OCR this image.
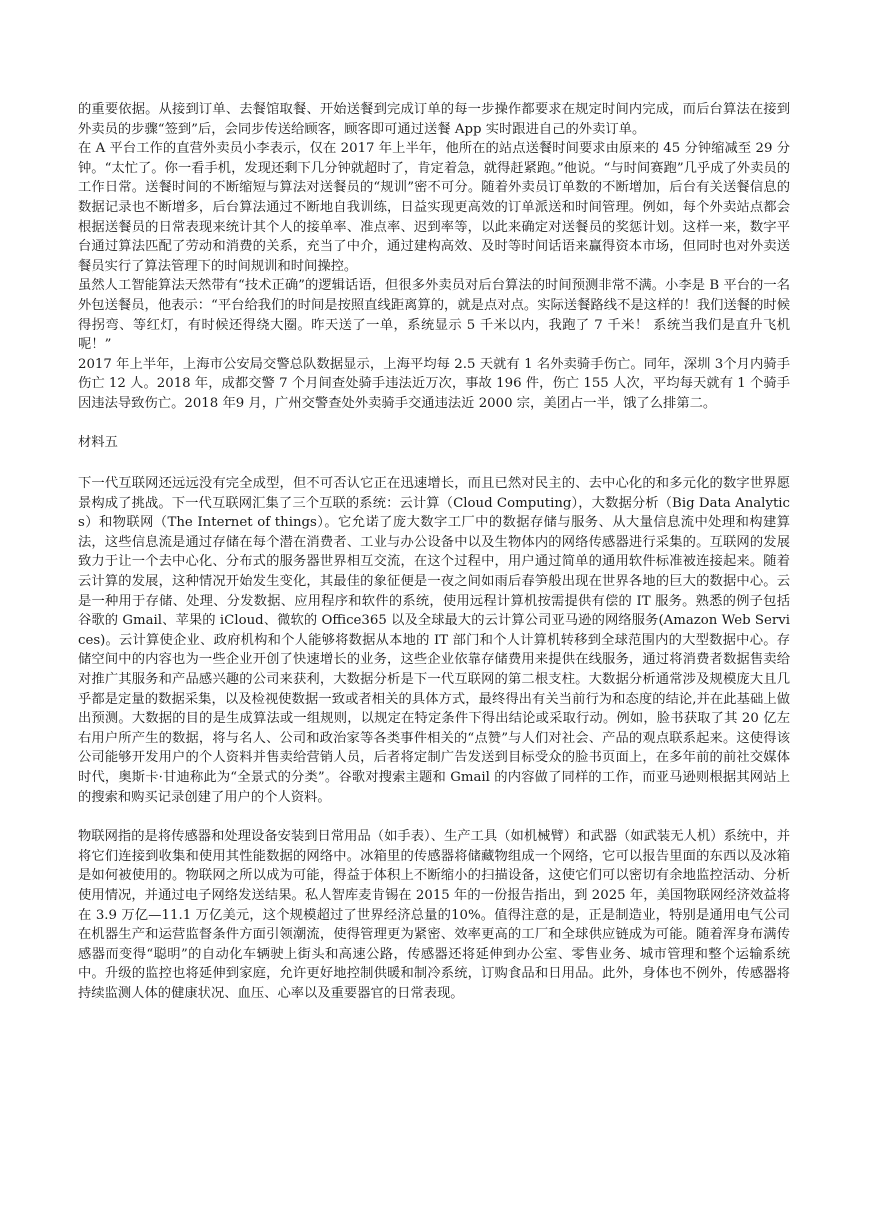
的重要依据。从接到订单、去餐馆取餐、开始送餐到完成订单的每一步操作都要求在规定时间内完成，而后台算法在接到外卖员的步骤“签到”后，会同步传送给顾客，顾客即可通过送餐 App 实时跟进自己的外卖订单。

在 A 平台工作的直营外卖员小李表示，仅在 2017 年上半年，他所在的站点送餐时间要求由原来的 45 分钟缩减至 29 分钟。“太忙了。你一看手机，发现还剩下几分钟就超时了，肯定着急，就得赶紧跑。”他说。“与时间赛跑”几乎成了外卖员的工作日常。送餐时间的不断缩短与算法对送餐员的“规训”密不可分。随着外卖员订单数的不断增加，后台有关送餐信息的数据记录也不断增多，后台算法通过不断地自我训练，日益实现更高效的订单派送和时间管理。例如，每个外卖站点都会根据送餐员的日常表现来统计其个人的接单率、准点率、迟到率等，以此来确定对送餐员的奖惩计划。这样一来，数字平台通过算法匹配了劳动和消费的关系，充当了中介，通过建构高效、及时等时间话语来赢得资本市场，但同时也对外卖送餐员实行了算法管理下的时间规训和时间操控。

虽然人工智能算法天然带有“技术正确”的逻辑话语，但很多外卖员对后台算法的时间预测非常不满。小李是 B 平台的一名外包送餐员，他表示：“平台给我们的时间是按照直线距离算的，就是点对点。实际送餐路线不是这样的！我们送餐的时候得拐弯、等红灯，有时候还得绕大圈。昨天送了一单，系统显示 5 千米以内，我跑了 7 千米！ 系统当我们是直升飞机呢！”

2017 年上半年，上海市公安局交警总队数据显示，上海平均每 2.5 天就有 1 名外卖骑手伤亡。同年，深圳 3个月内骑手伤亡 12 人。2018 年，成都交警 7 个月间查处骑手违法近万次，事故 196 件，伤亡 155 人次，平均每天就有 1 个骑手因违法导致伤亡。2018 年9 月，广州交警查处外卖骑手交通违法近 2000 宗，美团占一半，饿了么排第二。

材料五

下一代互联网还远远没有完全成型，但不可否认它正在迅速增长，而且已然对民主的、去中心化的和多元化的数字世界愿景构成了挑战。下一代互联网汇集了三个互联的系统：云计算（Cloud Computing），大数据分析（Big Data Analytics）和物联网（The Internet of things）。它允诺了庞大数字工厂中的数据存储与服务、从大量信息流中处理和构建算法，这些信息流是通过存储在每个潜在消费者、工业与办公设备中以及生物体内的网络传感器进行采集的。互联网的发展致力于让一个去中心化、分布式的服务器世界相互交流，在这个过程中，用户通过简单的通用软件标准被连接起来。随着云计算的发展，这种情况开始发生变化，其最佳的象征便是一夜之间如雨后春笋般出现在世界各地的巨大的数据中心。云是一种用于存储、处理、分发数据、应用程序和软件的系统，使用远程计算机按需提供有偿的 IT 服务。熟悉的例子包括谷歌的 Gmail、苹果的 iCloud、微软的 Office365 以及全球最大的云计算公司亚马逊的网络服务(Amazon Web Services)。云计算使企业、政府机构和个人能够将数据从本地的 IT 部门和个人计算机转移到全球范围内的大型数据中心。存储空间中的内容也为一些企业开创了快速增长的业务，这些企业依靠存储费用来提供在线服务，通过将消费者数据售卖给对推广其服务和产品感兴趣的公司来获利，大数据分析是下一代互联网的第二根支柱。大数据分析通常涉及规模庞大且几乎都是定量的数据采集，以及检视使数据一致或者相关的具体方式，最终得出有关当前行为和态度的结论,并在此基础上做出预测。大数据的目的是生成算法或一组规则，以规定在特定条件下得出结论或采取行动。例如，脸书获取了其 20 亿左右用户所产生的数据，将与名人、公司和政治家等各类事件相关的“点赞”与人们对社会、产品的观点联系起来。这使得该公司能够开发用户的个人资料并售卖给营销人员，后者将定制广告发送到目标受众的脸书页面上，在多年前的前社交媒体时代，奥斯卡·甘迪称此为“全景式的分类”。谷歌对搜索主题和 Gmail 的内容做了同样的工作，而亚马逊则根据其网站上的搜索和购买记录创建了用户的个人资料。

物联网指的是将传感器和处理设备安装到日常用品（如手表）、生产工具（如机械臂）和武器（如武装无人机）系统中，并将它们连接到收集和使用其性能数据的网络中。冰箱里的传感器将储藏物组成一个网络，它可以报告里面的东西以及冰箱是如何被使用的。物联网之所以成为可能，得益于体积上不断缩小的扫描设备，这使它们可以密切有余地监控活动、分析使用情况，并通过电子网络发送结果。私人智库麦肯锡在 2015 年的一份报告指出，到 2025 年，美国物联网经济效益将在 3.9 万亿—11.1 万亿美元，这个规模超过了世界经济总量的10%。值得注意的是，正是制造业，特别是通用电气公司在机器生产和运营监督条件方面引领潮流，使得管理更为紧密、效率更高的工厂和全球供应链成为可能。随着浑身布满传感器而变得“聪明”的自动化车辆驶上街头和高速公路，传感器还将延伸到办公室、零售业务、城市管理和整个运输系统中。升级的监控也将延伸到家庭，允许更好地控制供暖和制冷系统，订购食品和日用品。此外，身体也不例外，传感器将持续监测人体的健康状况、血压、心率以及重要器官的日常表现。
